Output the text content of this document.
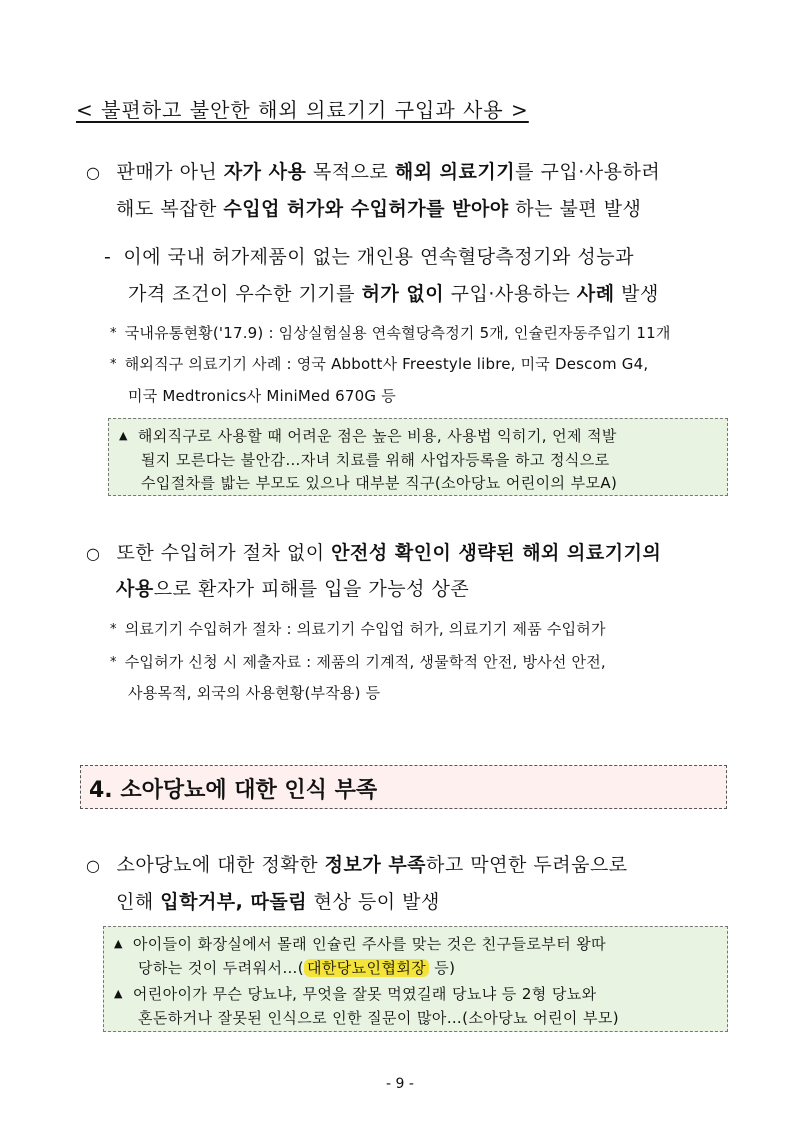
< 불편하고 불안한 해외 의료기기 구입과 사용 >
○ 판매가 아닌 자가 사용 목적으로 해외 의료기기를 구입·사용하려
해도 복잡한 수입업 허가와 수입허가를 받아야 하는 불편 발생
- 이에 국내 허가제품이 없는 개인용 연속혈당측정기와 성능과
가격 조건이 우수한 기기를 허가 없이 구입·사용하는 사례 발생
* 국내유통현황('17.9) : 임상실험실용 연속혈당측정기 5개, 인슐린자동주입기 11개
* 해외직구 의료기기 사례 : 영국 Abbott사 Freestyle libre, 미국 Descom G4,
미국 Medtronics사 MiniMed 670G 등
▲ 해외직구로 사용할 때 어려운 점은 높은 비용, 사용법 익히기, 언제 적발
될지 모른다는 불안감…자녀 치료를 위해 사업자등록을 하고 정식으로
수입절차를 밟는 부모도 있으나 대부분 직구(소아당뇨 어린이의 부모A)
○ 또한 수입허가 절차 없이 안전성 확인이 생략된 해외 의료기기의
사용으로 환자가 피해를 입을 가능성 상존
* 의료기기 수입허가 절차 : 의료기기 수입업 허가, 의료기기 제품 수입허가
* 수입허가 신청 시 제출자료 : 제품의 기계적, 생물학적 안전, 방사선 안전,
사용목적, 외국의 사용현황(부작용) 등
4. 소아당뇨에 대한 인식 부족
○ 소아당뇨에 대한 정확한 정보가 부족하고 막연한 두려움으로
인해 입학거부, 따돌림 현상 등이 발생
▲ 아이들이 화장실에서 몰래 인슐린 주사를 맞는 것은 친구들로부터 왕따
당하는 것이 두려워서…( 대한당뇨인협회장 등)
▲ 어린아이가 무슨 당뇨냐, 무엇을 잘못 먹였길래 당뇨냐 등 2형 당뇨와
혼돈하거나 잘못된 인식으로 인한 질문이 많아…(소아당뇨 어린이 부모)
- 9 -
